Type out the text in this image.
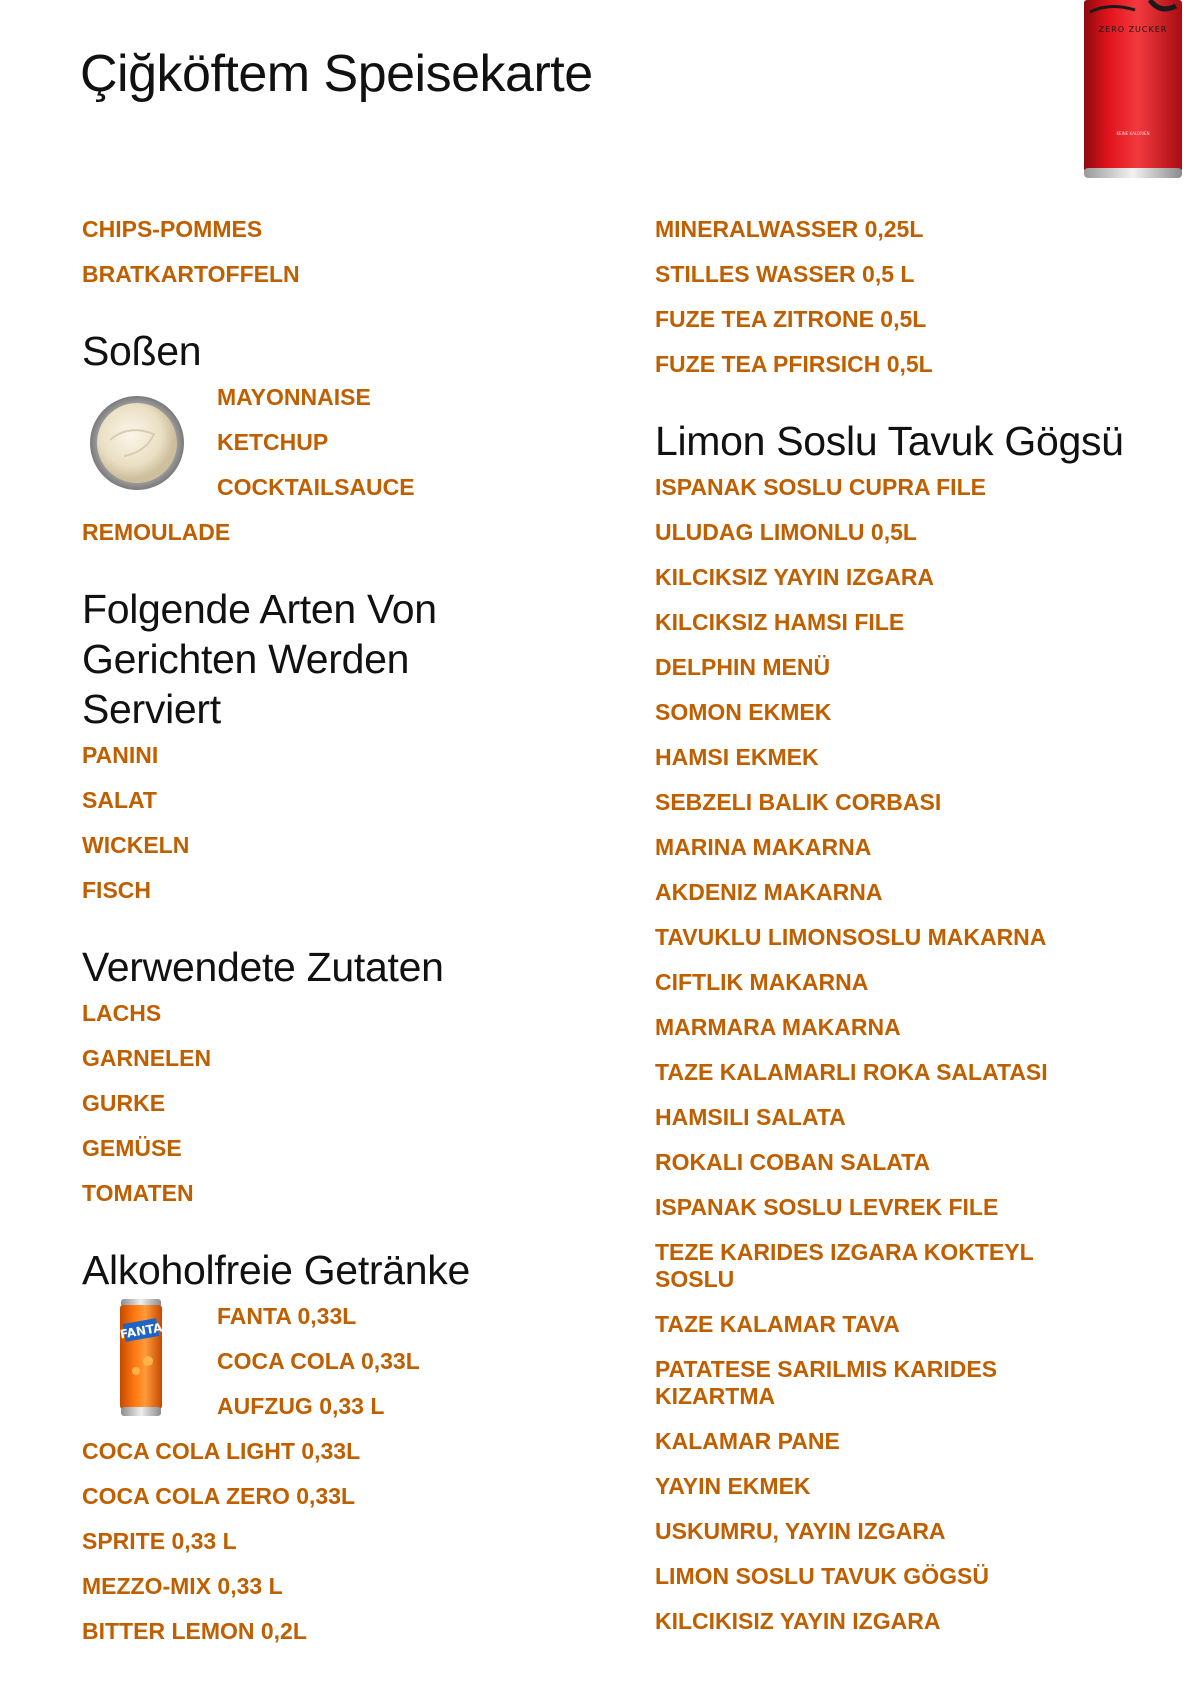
Çiğköftem Speisekarte
ZERO ZUCKER
KEINE KALORIEN
CHIPS-POMMES
BRATKARTOFFELN
Soßen
MAYONNAISE
KETCHUP
COCKTAILSAUCE
REMOULADE
Folgende Arten Von Gerichten Werden Serviert
PANINI
SALAT
WICKELN
FISCH
Verwendete Zutaten
LACHS
GARNELEN
GURKE
GEMÜSE
TOMATEN
Alkoholfreie Getränke
FANTA
FANTA 0,33L
COCA COLA 0,33L
AUFZUG 0,33 L
COCA COLA LIGHT 0,33L
COCA COLA ZERO 0,33L
SPRITE 0,33 L
MEZZO-MIX 0,33 L
BITTER LEMON 0,2L
MINERALWASSER 0,25L
STILLES WASSER 0,5 L
FUZE TEA ZITRONE 0,5L
FUZE TEA PFIRSICH 0,5L
Limon Soslu Tavuk Gögsü
ISPANAK SOSLU CUPRA FILE
ULUDAG LIMONLU 0,5L
KILCIKSIZ YAYIN IZGARA
KILCIKSIZ HAMSI FILE
DELPHIN MENÜ
SOMON EKMEK
HAMSI EKMEK
SEBZELI BALIK CORBASI
MARINA MAKARNA
AKDENIZ MAKARNA
TAVUKLU LIMONSOSLU MAKARNA
CIFTLIK MAKARNA
MARMARA MAKARNA
TAZE KALAMARLI ROKA SALATASI
HAMSILI SALATA
ROKALI COBAN SALATA
ISPANAK SOSLU LEVREK FILE
TEZE KARIDES IZGARA KOKTEYL SOSLU
TAZE KALAMAR TAVA
PATATESE SARILMIS KARIDES KIZARTMA
KALAMAR PANE
YAYIN EKMEK
USKUMRU, YAYIN IZGARA
LIMON SOSLU TAVUK GÖGSÜ
KILCIKISIZ YAYIN IZGARA
